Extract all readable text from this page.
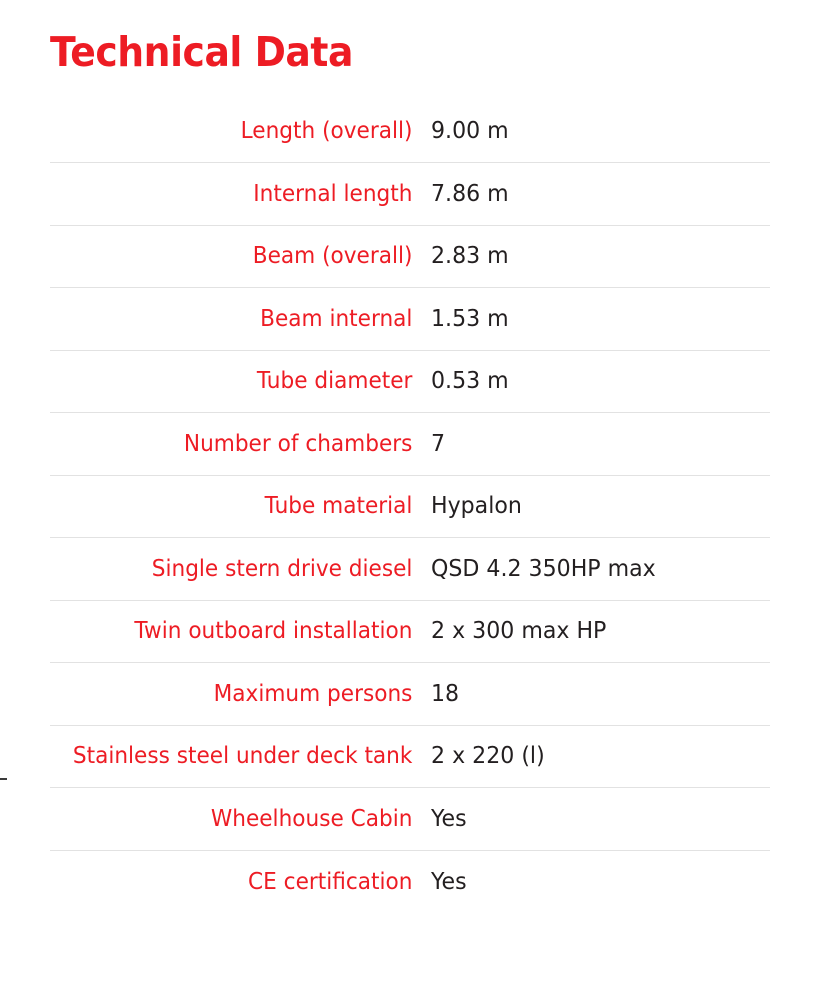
Technical Data
Length (overall)	9.00 m
Internal length	7.86 m
Beam (overall)	2.83 m
Beam internal	1.53 m
Tube diameter	0.53 m
Number of chambers	7
Tube material	Hypalon
Single stern drive diesel	QSD 4.2 350HP max
Twin outboard installation	2 x 300 max HP
Maximum persons	18
Stainless steel under deck tank	2 x 220 (l)
Wheelhouse Cabin	Yes
CE certification	Yes
